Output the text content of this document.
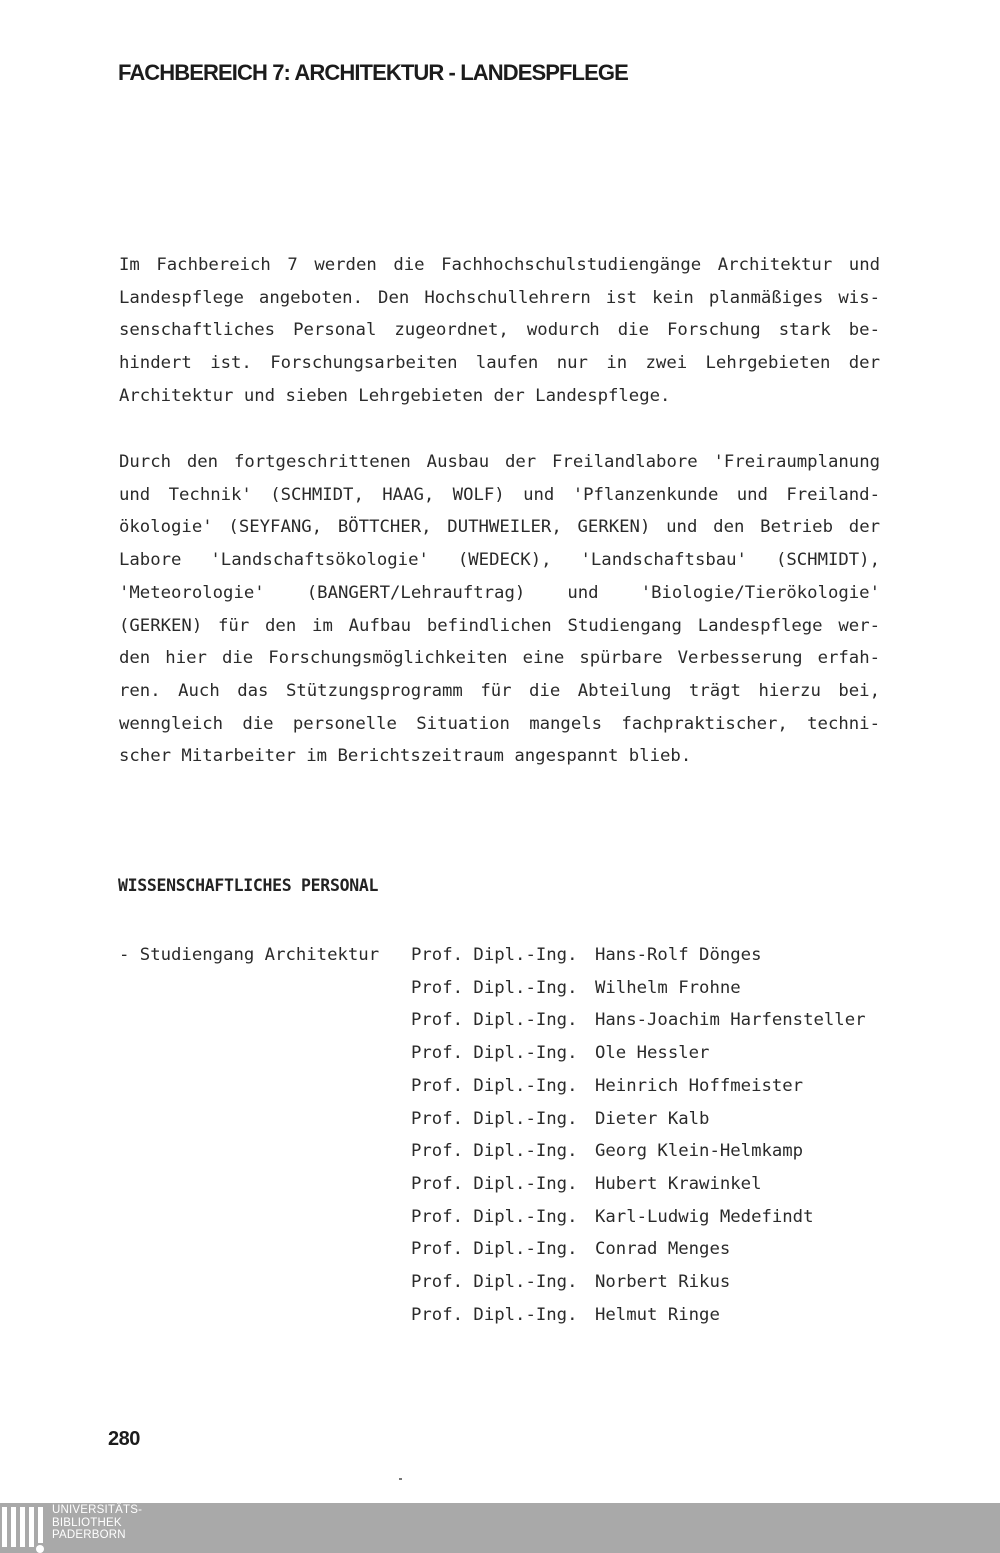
FACHBEREICH 7: ARCHITEKTUR - LANDESPFLEGE
Im Fachbereich 7 werden die Fachhochschulstudiengänge Architektur und
Landespflege angeboten. Den Hochschullehrern ist kein planmäßiges wis-
senschaftliches Personal zugeordnet, wodurch die Forschung stark be-
hindert ist. Forschungsarbeiten laufen nur in zwei Lehrgebieten der
Architektur und sieben Lehrgebieten der Landespflege.
Durch den fortgeschrittenen Ausbau der Freilandlabore 'Freiraumplanung
und Technik' (SCHMIDT, HAAG, WOLF) und 'Pflanzenkunde und Freiland-
ökologie' (SEYFANG, BÖTTCHER, DUTHWEILER, GERKEN) und den Betrieb der
Labore 'Landschaftsökologie' (WEDECK), 'Landschaftsbau' (SCHMIDT),
'Meteorologie' (BANGERT/Lehrauftrag) und 'Biologie/Tierökologie'
(GERKEN) für den im Aufbau befindlichen Studiengang Landespflege wer-
den hier die Forschungsmöglichkeiten eine spürbare Verbesserung erfah-
ren. Auch das Stützungsprogramm für die Abteilung trägt hierzu bei,
wenngleich die personelle Situation mangels fachpraktischer, techni-
scher Mitarbeiter im Berichtszeitraum angespannt blieb.
WISSENSCHAFTLICHES PERSONAL
- Studiengang Architektur Prof. Dipl.-Ing. Hans-Rolf Dönges
Prof. Dipl.-Ing. Wilhelm Frohne
Prof. Dipl.-Ing. Hans-Joachim Harfensteller
Prof. Dipl.-Ing. Ole Hessler
Prof. Dipl.-Ing. Heinrich Hoffmeister
Prof. Dipl.-Ing. Dieter Kalb
Prof. Dipl.-Ing. Georg Klein-Helmkamp
Prof. Dipl.-Ing. Hubert Krawinkel
Prof. Dipl.-Ing. Karl-Ludwig Medefindt
Prof. Dipl.-Ing. Conrad Menges
Prof. Dipl.-Ing. Norbert Rikus
Prof. Dipl.-Ing. Helmut Ringe
280
UNIVERSITÄTS-
BIBLIOTHEK
PADERBORN
